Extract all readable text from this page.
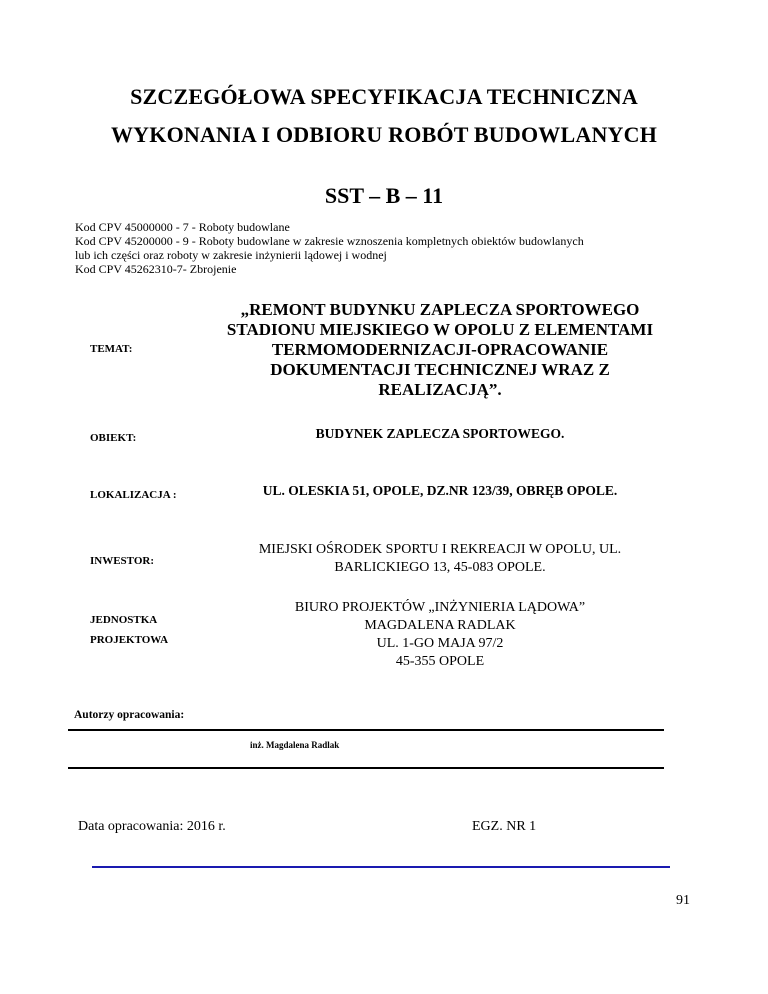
SZCZEGÓŁOWA SPECYFIKACJA TECHNICZNA
WYKONANIA I ODBIORU ROBÓT BUDOWLANYCH
SST – B – 11
Kod CPV 45000000 - 7 - Roboty budowlane
Kod CPV 45200000 - 9 - Roboty budowlane w zakresie wznoszenia kompletnych obiektów budowlanych
lub ich części oraz roboty w zakresie inżynierii lądowej i wodnej
Kod CPV 45262310-7- Zbrojenie
TEMAT:
„REMONT BUDYNKU ZAPLECZA SPORTOWEGO
STADIONU MIEJSKIEGO W OPOLU Z ELEMENTAMI
TERMOMODERNIZACJI-OPRACOWANIE
DOKUMENTACJI TECHNICZNEJ WRAZ Z
REALIZACJĄ”.
OBIEKT:	BUDYNEK ZAPLECZA SPORTOWEGO.
LOKALIZACJA :	UL. OLESKIA 51, OPOLE, DZ.NR 123/39, OBRĘB OPOLE.
INWESTOR:
MIEJSKI OŚRODEK SPORTU I REKREACJI W OPOLU, UL.
BARLICKIEGO 13, 45-083 OPOLE.
JEDNOSTKA
PROJEKTOWA
BIURO PROJEKTÓW „INŻYNIERIA LĄDOWA”
MAGDALENA RADLAK
UL. 1-GO MAJA 97/2
45-355 OPOLE
Autorzy opracowania:
inż. Magdalena Radlak
Data opracowania: 2016 r.	EGZ. NR 1
91
